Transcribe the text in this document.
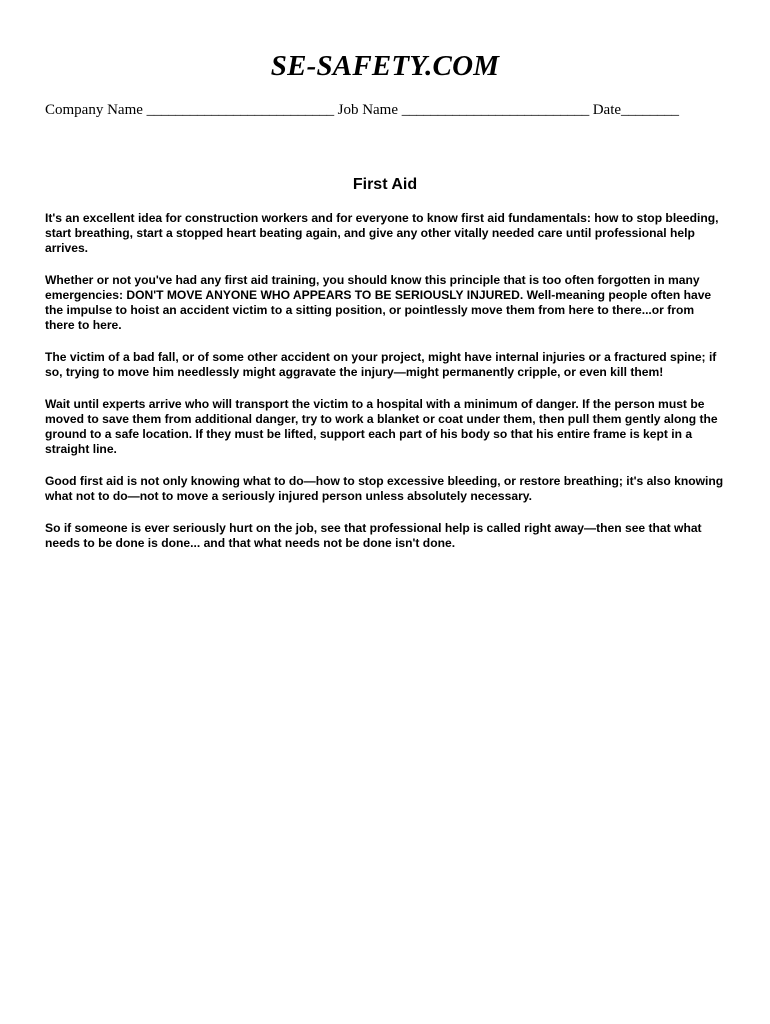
SE-SAFETY.COM
Company Name __________________________ Job Name __________________________ Date________
First Aid

It's an excellent idea for construction workers and for everyone to know first aid fundamentals: how to stop bleeding, start breathing, start a stopped heart beating again, and give any other vitally needed care until professional help arrives.

Whether or not you've had any first aid training, you should know this principle that is too often forgotten in many emergencies: DON'T MOVE ANYONE WHO APPEARS TO BE SERIOUSLY INJURED. Well-meaning people often have the impulse to hoist an accident victim to a sitting position, or pointlessly move them from here to there...or from there to here.

The victim of a bad fall, or of some other accident on your project, might have internal injuries or a fractured spine; if so, trying to move him needlessly might aggravate the injury—might permanently cripple, or even kill them!

Wait until experts arrive who will transport the victim to a hospital with a minimum of danger. If the person must be moved to save them from additional danger, try to work a blanket or coat under them, then pull them gently along the ground to a safe location. If they must be lifted, support each part of his body so that his entire frame is kept in a straight line.

Good first aid is not only knowing what to do—how to stop excessive bleeding, or restore breathing; it's also knowing what not to do—not to move a seriously injured person unless absolutely necessary.

So if someone is ever seriously hurt on the job, see that professional help is called right away—then see that what needs to be done is done... and that what needs not be done isn't done.
